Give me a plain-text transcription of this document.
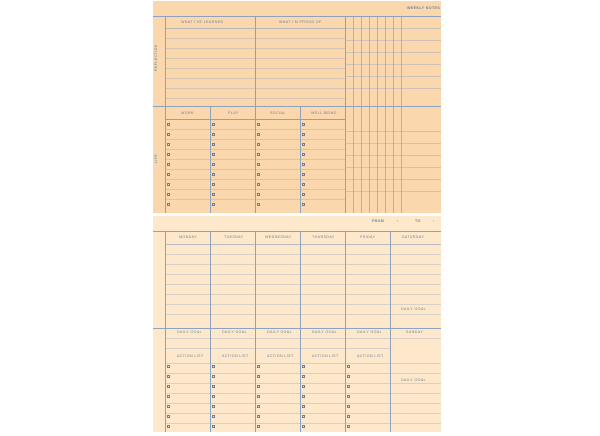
WEEKLY NOTES
WHAT I'VE LEARNED	WHAT I'M PROUD OF
REFLECTION
LIFE
WORK	PLAY	SOCIAL	WELL BEING
FROM	‹	TO	›
MONDAY	TUESDAY	WEDNESDAY	THURSDAY	FRIDAY	SATURDAY
DAILY GOAL
DAILY GOAL	DAILY GOAL	DAILY GOAL	DAILY GOAL	DAILY GOAL	SUNDAY
ACTION LIST	ACTION LIST	ACTION LIST	ACTION LIST	ACTION LIST
DAILY GOAL
